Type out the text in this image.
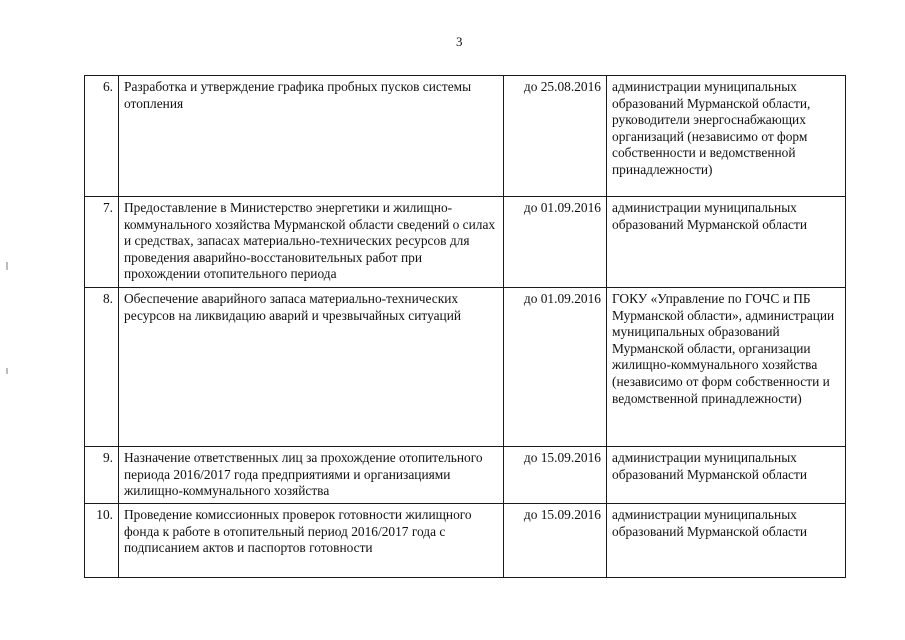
3
6.	Разработка и утверждение графика пробных пусков системы отопления	до 25.08.2016	администрации муниципальных образований Мурманской области, руководители энергоснабжающих организаций (независимо от форм собственности и ведомственной принадлежности)
7.	Предоставление в Министерство энергетики и жилищно-коммунального хозяйства Мурманской области сведений о силах и средствах, запасах материально-технических ресурсов для проведения аварийно-восстановительных работ при прохождении отопительного периода	до 01.09.2016	администрации муниципальных образований Мурманской области
8.	Обеспечение аварийного запаса материально-технических ресурсов на ликвидацию аварий и чрезвычайных ситуаций	до 01.09.2016	ГОКУ «Управление по ГОЧС и ПБ Мурманской области», администрации муниципальных образований Мурманской области, организации жилищно-коммунального хозяйства (независимо от форм собственности и ведомственной принадлежности)
9.	Назначение ответственных лиц за прохождение отопительного периода 2016/2017 года предприятиями и организациями жилищно-коммунального хозяйства	до 15.09.2016	администрации муниципальных образований Мурманской области
10.	Проведение комиссионных проверок готовности жилищного фонда к работе в отопительный период 2016/2017 года с подписанием актов и паспортов готовности	до 15.09.2016	администрации муниципальных образований Мурманской области
